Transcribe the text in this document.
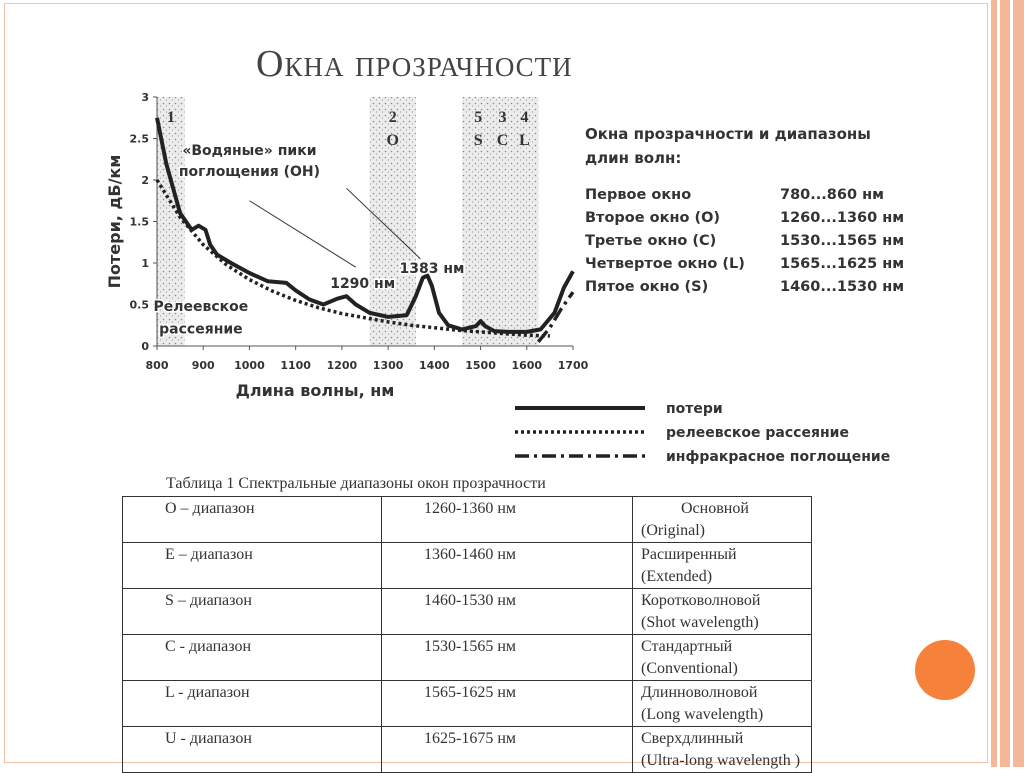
Окна прозрачности
800 900 1000 1100 1200 1300 1400 1500 1600 1700
0
0.5
1
1.5
2
2.5
3
Длина волны, нм
Потери, дБ/км
1	2
O
5
S
3
C
4
L
«Водяные» пики
поглощения (ОН)
1290 нм
1383 нм
Релеевское
рассеяние
потери
релеевское рассеяние
инфракрасное поглощение
Окна прозрачности и диапазоны длин волн:
Первое окно	780...860 нм
Второе окно (O)	1260...1360 нм
Третье окно (C)	1530...1565 нм
Четвертое окно (L)	1565...1625 нм
Пятое окно (S)	1460...1530 нм
Таблица 1 Спектральные диапазоны окон прозрачности
O – диапазон	1260-1360 нм	Основной (Original)
E – диапазон	1360-1460 нм	Расширенный
(Extended)

S – диапазон	1460-1530 нм	Коротковолновой
(Shot wavelength)

C - диапазон	1530-1565 нм	Стандартный
(Conventional)

L - диапазон	1565-1625 нм	Длинноволновой
(Long wavelength)

U - диапазон	1625-1675 нм	Сверхдлинный
(Ultra-long wavelength )
